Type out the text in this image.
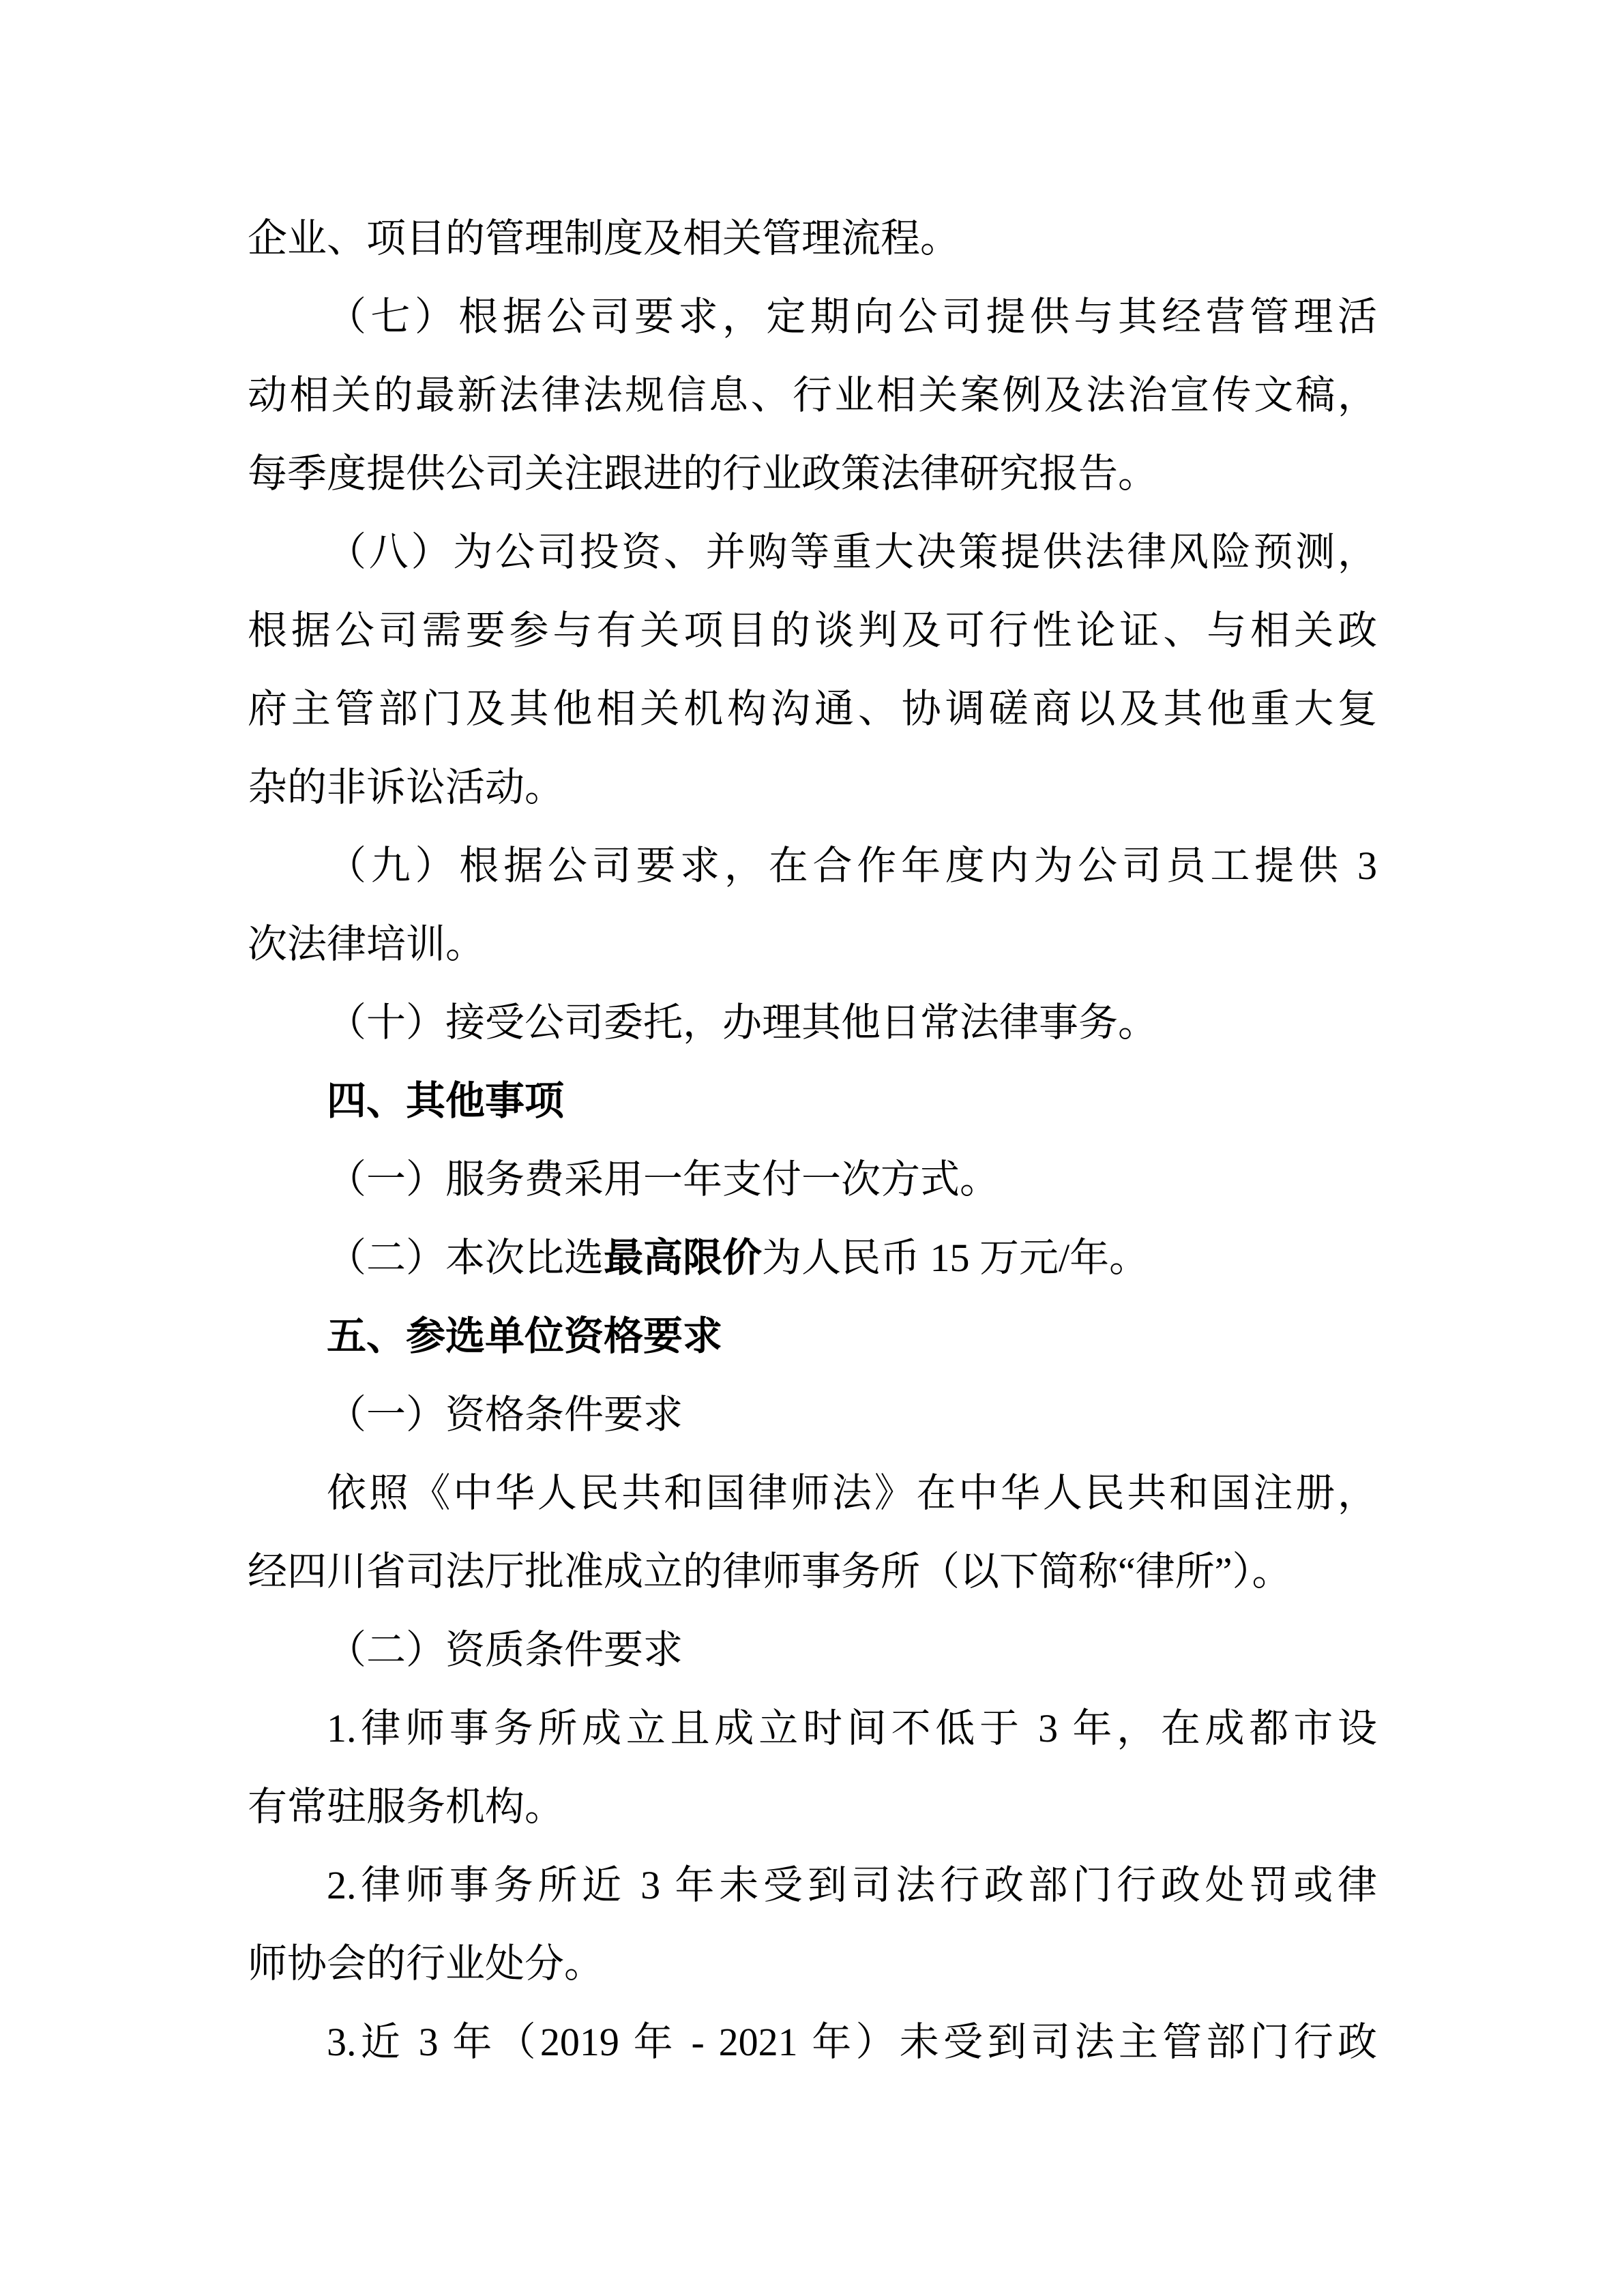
企业、项目的管理制度及相关管理流程。
（七）根据公司要求，定期向公司提供与其经营管理活
动相关的最新法律法规信息、行业相关案例及法治宣传文稿，
每季度提供公司关注跟进的行业政策法律研究报告。
（八）为公司投资、并购等重大决策提供法律风险预测，
根据公司需要参与有关项目的谈判及可行性论证、与相关政
府主管部门及其他相关机构沟通、协调磋商以及其他重大复
杂的非诉讼活动。
（九）根据公司要求，在合作年度内为公司员工提供 3
次法律培训。
（十）接受公司委托，办理其他日常法律事务。
四、其他事项
（一）服务费采用一年支付一次方式。
（二）本次比选最高限价为人民币 15 万元/年。
五、参选单位资格要求
（一）资格条件要求
依照《中华人民共和国律师法》在中华人民共和国注册，
经四川省司法厅批准成立的律师事务所（以下简称“律所”）。
（二）资质条件要求
1.律师事务所成立且成立时间不低于 3 年，在成都市设
有常驻服务机构。
2.律师事务所近 3 年未受到司法行政部门行政处罚或律
师协会的行业处分。
3.近 3 年（2019 年 - 2021 年）未受到司法主管部门行政
